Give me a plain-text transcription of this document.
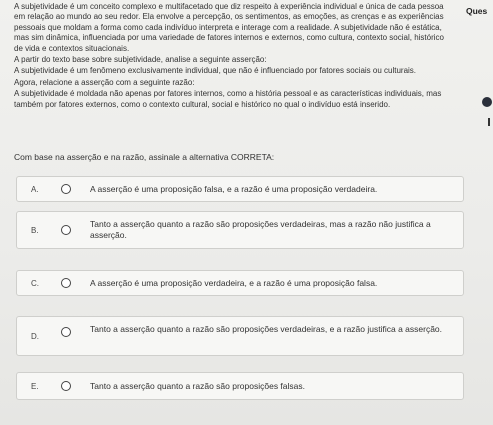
A subjetividade é um conceito complexo e multifacetado que diz respeito à experiência individual e única de cada pessoa em relação ao mundo ao seu redor. Ela envolve a percepção, os sentimentos, as emoções, as crenças e as experiências pessoais que moldam a forma como cada indivíduo interpreta e interage com a realidade. A subjetividade não é estática, mas sim dinâmica, influenciada por uma variedade de fatores internos e externos, como cultura, contexto social, histórico de vida e contextos situacionais.

A partir do texto base sobre subjetividade, analise a seguinte asserção:

A subjetividade é um fenômeno exclusivamente individual, que não é influenciado por fatores sociais ou culturais.

Agora, relacione a asserção com a seguinte razão:

A subjetividade é moldada não apenas por fatores internos, como a história pessoal e as características individuais, mas também por fatores externos, como o contexto cultural, social e histórico no qual o indivíduo está inserido.

Com base na asserção e na razão, assinale a alternativa CORRETA:
Ques
A.	A asserção é uma proposição falsa, e a razão é uma proposição verdadeira.
B.
Tanto a asserção quanto a razão são proposições verdadeiras, mas a razão não justifica a asserção.
C.	A asserção é uma proposição verdadeira, e a razão é uma proposição falsa.
D.
Tanto a asserção quanto a razão são proposições verdadeiras, e a razão justifica a asserção.
E.	Tanto a asserção quanto a razão são proposições falsas.
